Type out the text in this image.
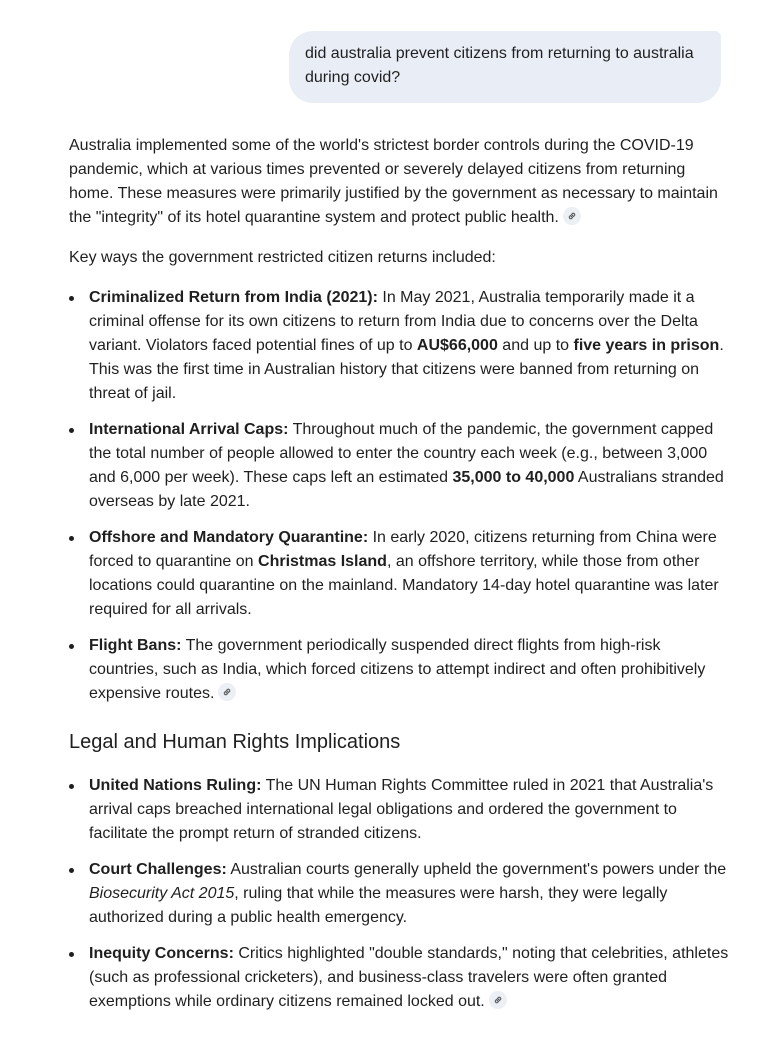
did australia prevent citizens from returning to australia during covid?

Australia implemented some of the world's strictest border controls during the COVID-19 pandemic, which at various times prevented or severely delayed citizens from returning home. These measures were primarily justified by the government as necessary to maintain the "integrity" of its hotel quarantine system and protect public health.

Key ways the government restricted citizen returns included:

Criminalized Return from India (2021): In May 2021, Australia temporarily made it a criminal offense for its own citizens to return from India due to concerns over the Delta variant. Violators faced potential fines of up to AU$66,000 and up to five years in prison. This was the first time in Australian history that citizens were banned from returning on threat of jail.
International Arrival Caps: Throughout much of the pandemic, the government capped the total number of people allowed to enter the country each week (e.g., between 3,000 and 6,000 per week). These caps left an estimated 35,000 to 40,000 Australians stranded overseas by late 2021.
Offshore and Mandatory Quarantine: In early 2020, citizens returning from China were forced to quarantine on Christmas Island, an offshore territory, while those from other locations could quarantine on the mainland. Mandatory 14-day hotel quarantine was later required for all arrivals.
Flight Bans: The government periodically suspended direct flights from high-risk countries, such as India, which forced citizens to attempt indirect and often prohibitively expensive routes.
Legal and Human Rights Implications
United Nations Ruling: The UN Human Rights Committee ruled in 2021 that Australia's arrival caps breached international legal obligations and ordered the government to facilitate the prompt return of stranded citizens.
Court Challenges: Australian courts generally upheld the government's powers under the Biosecurity Act 2015, ruling that while the measures were harsh, they were legally authorized during a public health emergency.
Inequity Concerns: Critics highlighted "double standards," noting that celebrities, athletes (such as professional cricketers), and business-class travelers were often granted exemptions while ordinary citizens remained locked out.
